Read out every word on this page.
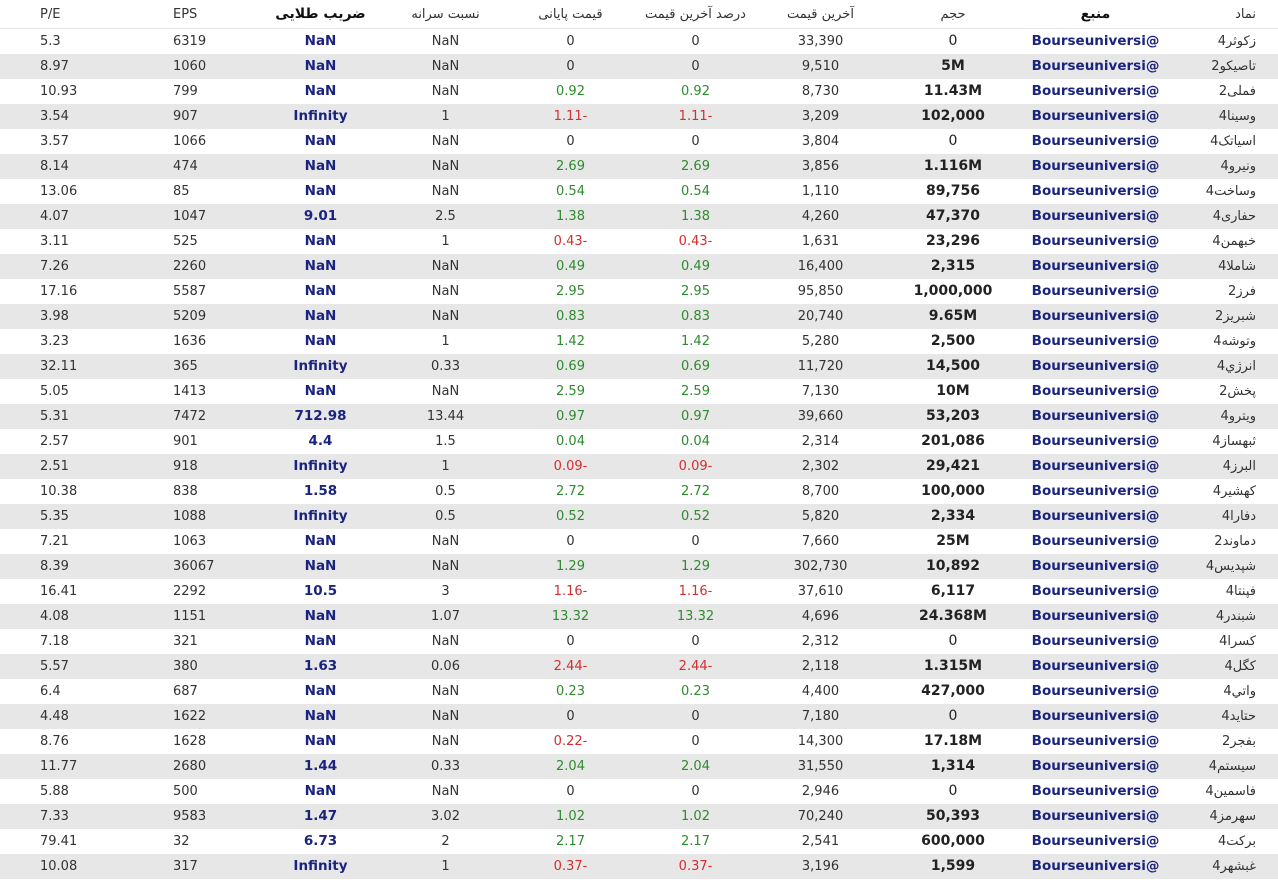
نماد	منبع	حجم	آخرین قیمت	درصد آخرین قیمت	قیمت پایانی	نسبت سرانه	ضریب طلایی	EPS	P/E
زکوثر4	@Bourseuniversi	0	33,390	0	0	NaN	NaN	6319	5.3
تاصیکو2	@Bourseuniversi	5M	9,510	0	0	NaN	NaN	1060	8.97
فملی2	@Bourseuniversi	11.43M	8,730	0.92	0.92	NaN	NaN	799	10.93
وسینا4	@Bourseuniversi	102,000	3,209	-1.11	-1.11	1	Infinity	907	3.54
اسیاتک4	@Bourseuniversi	0	3,804	0	0	NaN	NaN	1066	3.57
ونیرو4	@Bourseuniversi	1.116M	3,856	2.69	2.69	NaN	NaN	474	8.14
وساخت4	@Bourseuniversi	89,756	1,110	0.54	0.54	NaN	NaN	85	13.06
حفاری4	@Bourseuniversi	47,370	4,260	1.38	1.38	2.5	9.01	1047	4.07
خبهمن4	@Bourseuniversi	23,296	1,631	-0.43	-0.43	1	NaN	525	3.11
شاملا4	@Bourseuniversi	2,315	16,400	0.49	0.49	NaN	NaN	2260	7.26
فرز2	@Bourseuniversi	1,000,000	95,850	2.95	2.95	NaN	NaN	5587	17.16
شبریز2	@Bourseuniversi	9.65M	20,740	0.83	0.83	NaN	NaN	5209	3.98
وتوشه4	@Bourseuniversi	2,500	5,280	1.42	1.42	1	NaN	1636	3.23
انرژي4	@Bourseuniversi	14,500	11,720	0.69	0.69	0.33	Infinity	365	32.11
پخش2	@Bourseuniversi	10M	7,130	2.59	2.59	NaN	NaN	1413	5.05
ويترو4	@Bourseuniversi	53,203	39,660	0.97	0.97	13.44	712.98	7472	5.31
ثبهساز4	@Bourseuniversi	201,086	2,314	0.04	0.04	1.5	4.4	901	2.57
البرز4	@Bourseuniversi	29,421	2,302	-0.09	-0.09	1	Infinity	918	2.51
کهشیر4	@Bourseuniversi	100,000	8,700	2.72	2.72	0.5	1.58	838	10.38
دفارا4	@Bourseuniversi	2,334	5,820	0.52	0.52	0.5	Infinity	1088	5.35
دماوند2	@Bourseuniversi	25M	7,660	0	0	NaN	NaN	1063	7.21
شپدیس4	@Bourseuniversi	10,892	302,730	1.29	1.29	NaN	NaN	36067	8.39
فپنتا4	@Bourseuniversi	6,117	37,610	-1.16	-1.16	3	10.5	2292	16.41
شبندر4	@Bourseuniversi	24.368M	4,696	13.32	13.32	1.07	NaN	1151	4.08
کسرا4	@Bourseuniversi	0	2,312	0	0	NaN	NaN	321	7.18
کگل4	@Bourseuniversi	1.315M	2,118	-2.44	-2.44	0.06	1.63	380	5.57
واتي4	@Bourseuniversi	427,000	4,400	0.23	0.23	NaN	NaN	687	6.4
حتايد4	@Bourseuniversi	0	7,180	0	0	NaN	NaN	1622	4.48
بفجر2	@Bourseuniversi	17.18M	14,300	0	-0.22	NaN	NaN	1628	8.76
سیستم4	@Bourseuniversi	1,314	31,550	2.04	2.04	0.33	1.44	2680	11.77
فاسمین4	@Bourseuniversi	0	2,946	0	0	NaN	NaN	500	5.88
سهرمز4	@Bourseuniversi	50,393	70,240	1.02	1.02	3.02	1.47	9583	7.33
برکت4	@Bourseuniversi	600,000	2,541	2.17	2.17	2	6.73	32	79.41
غبشهر4	@Bourseuniversi	1,599	3,196	-0.37	-0.37	1	Infinity	317	10.08
